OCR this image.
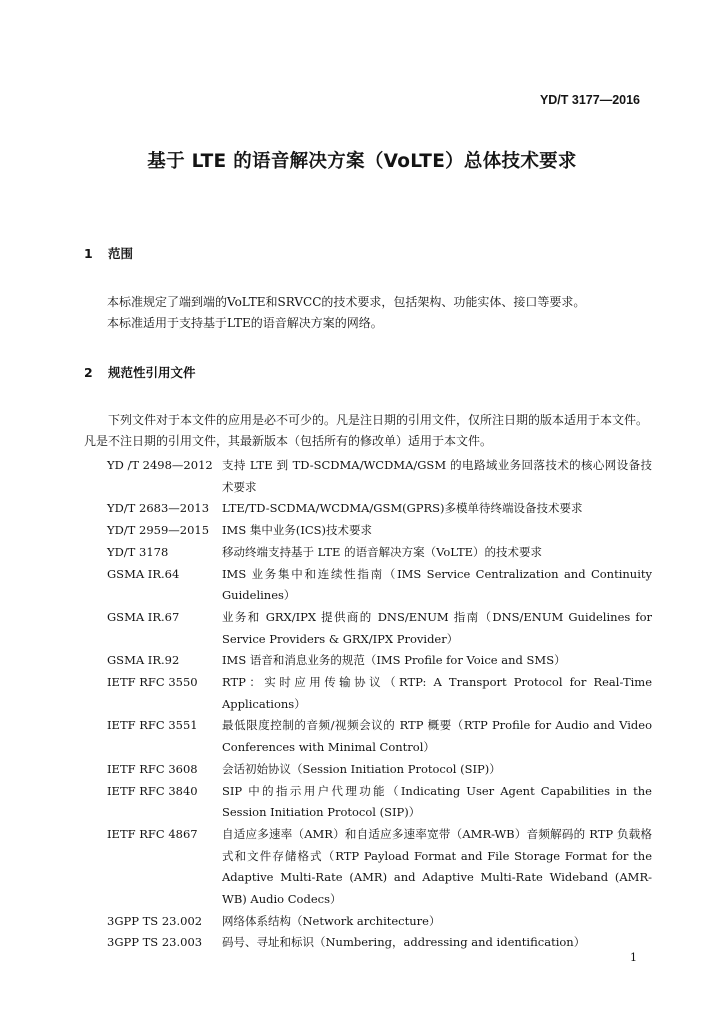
YD/T 3177—2016
基于 LTE 的语音解决方案（VoLTE）总体技术要求
1 范围
本标准规定了端到端的VoLTE和SRVCC的技术要求，包括架构、功能实体、接口等要求。
本标准适用于支持基于LTE的语音解决方案的网络。
2 规范性引用文件
下列文件对于本文件的应用是必不可少的。凡是注日期的引用文件，仅所注日期的版本适用于本文件。凡是不注日期的引用文件，其最新版本（包括所有的修改单）适用于本文件。
YD /T 2498—2012 支持 LTE 到 TD-SCDMA/WCDMA/GSM 的电路域业务回落技术的核心网设备技术要求
YD/T 2683—2013	LTE/TD-SCDMA/WCDMA/GSM(GPRS)多模单待终端设备技术要求
YD/T 2959—2015	IMS 集中业务(ICS)技术要求
YD/T 3178	移动终端支持基于 LTE 的语音解决方案（VoLTE）的技术要求
GSMA IR.64	IMS 业务集中和连续性指南（IMS Service Centralization and Continuity Guidelines）
GSMA IR.67	业务和 GRX/IPX 提供商的 DNS/ENUM 指南（DNS/ENUM Guidelines for Service Providers & GRX/IPX Provider）
GSMA IR.92	IMS 语音和消息业务的规范（IMS Profile for Voice and SMS）
IETF RFC 3550	RTP：实时应用传输协议（RTP: A Transport Protocol for Real-Time Applications）
IETF RFC 3551	最低限度控制的音频/视频会议的 RTP 概要（RTP Profile for Audio and Video Conferences with Minimal Control）
IETF RFC 3608	会话初始协议（Session Initiation Protocol (SIP)）
IETF RFC 3840	SIP 中的指示用户代理功能（Indicating User Agent Capabilities in the Session Initiation Protocol (SIP)）
IETF RFC 4867	自适应多速率（AMR）和自适应多速率宽带（AMR-WB）音频解码的 RTP 负载格式和文件存储格式（RTP Payload Format and File Storage Format for the Adaptive Multi-Rate (AMR) and Adaptive Multi-Rate Wideband (AMR-WB) Audio Codecs）
3GPP TS 23.002	网络体系结构（Network architecture）
3GPP TS 23.003	码号、寻址和标识（Numbering，addressing and identification）
1
